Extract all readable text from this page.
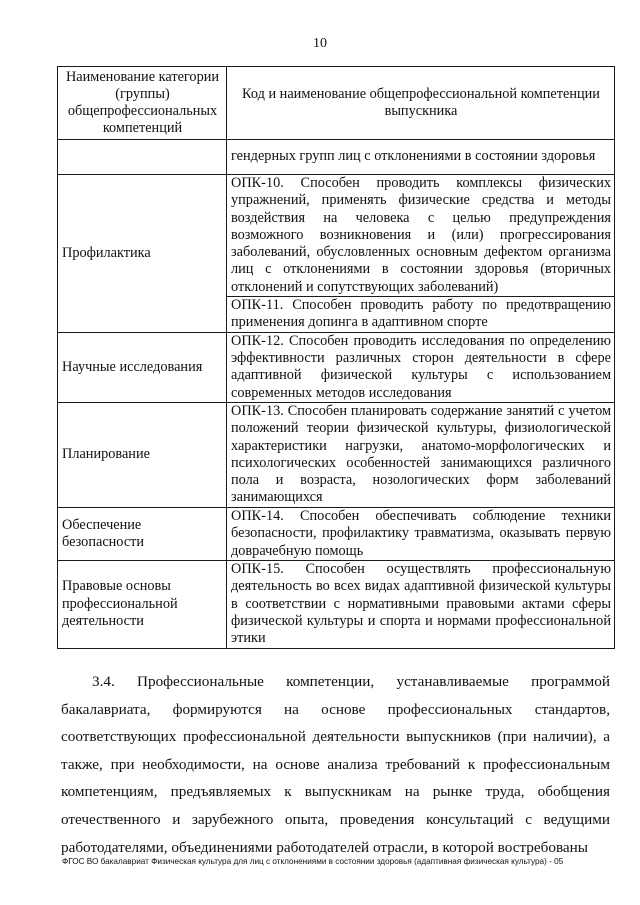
10
Наименование категории (группы) общепрофессиональных компетенций	Код и наименование общепрофессиональной компетенции выпускника
	гендерных групп лиц с отклонениями в состоянии здоровья
Профилактика	ОПК-10. Способен проводить комплексы физических упражнений, применять физические средства и методы воздействия на человека с целью предупреждения возможного возникновения и (или) прогрессирования заболеваний, обусловленных основным дефектом организма лиц с отклонениями в состоянии здоровья (вторичных отклонений и сопутствующих заболеваний)
	ОПК-11. Способен проводить работу по предотвращению применения допинга в адаптивном спорте
Научные исследования	ОПК-12. Способен проводить исследования по определению эффективности различных сторон деятельности в сфере адаптивной физической культуры с использованием современных методов исследования
Планирование	ОПК-13. Способен планировать содержание занятий с учетом положений теории физической культуры, физиологической характеристики нагрузки, анатомо-морфологических и психологических особенностей занимающихся различного пола и возраста, нозологических форм заболеваний занимающихся
Обеспечение безопасности	ОПК-14. Способен обеспечивать соблюдение техники безопасности, профилактику травматизма, оказывать первую доврачебную помощь
Правовые основы профессиональной деятельности	ОПК-15. Способен осуществлять профессиональную деятельность во всех видах адаптивной физической культуры в соответствии с нормативными правовыми актами сферы физической культуры и спорта и нормами профессиональной этики

3.4. Профессиональные компетенции, устанавливаемые программой бакалавриата, формируются на основе профессиональных стандартов, соответствующих профессиональной деятельности выпускников (при наличии), а также, при необходимости, на основе анализа требований к профессиональным компетенциям, предъявляемых к выпускникам на рынке труда, обобщения отечественного и зарубежного опыта, проведения консультаций с ведущими работодателями, объединениями работодателей отрасли, в которой востребованы

ФГОС ВО бакалавриат Физическая культура для лиц с отклонениями в состоянии здоровья (адаптивная физическая культура) - 05
